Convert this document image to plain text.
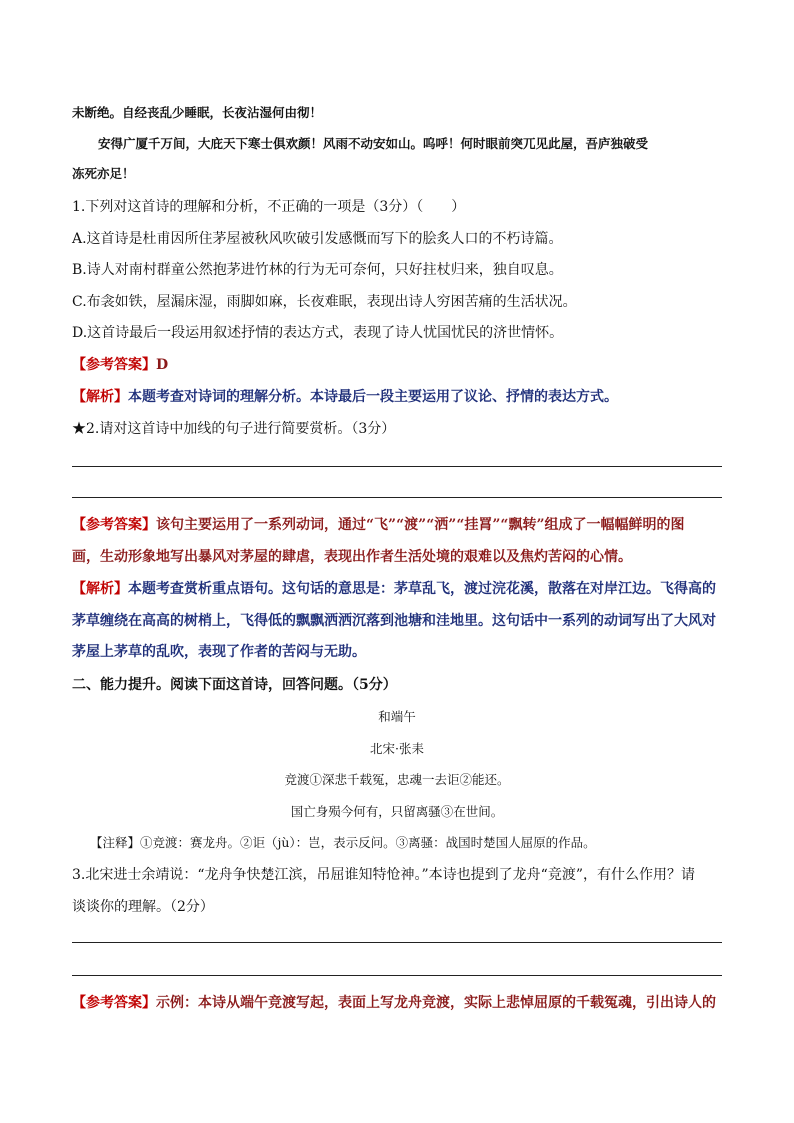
未断绝。自经丧乱少睡眠，长夜沾湿何由彻！
安得广厦千万间，大庇天下寒士俱欢颜！风雨不动安如山。呜呼！何时眼前突兀见此屋，吾庐独破受
冻死亦足！
1.下列对这首诗的理解和分析，不正确的一项是（3分）（　　）
A.这首诗是杜甫因所住茅屋被秋风吹破引发感慨而写下的脍炙人口的不朽诗篇。
B.诗人对南村群童公然抱茅进竹林的行为无可奈何，只好拄杖归来，独自叹息。
C.布衾如铁，屋漏床湿，雨脚如麻，长夜难眠，表现出诗人穷困苦痛的生活状况。
D.这首诗最后一段运用叙述抒情的表达方式，表现了诗人忧国忧民的济世情怀。
【参考答案】D
【解析】本题考查对诗词的理解分析。本诗最后一段主要运用了议论、抒情的表达方式。
★2.请对这首诗中加线的句子进行简要赏析。（3分）
【参考答案】该句主要运用了一系列动词，通过“飞”“渡”“洒”“挂罥”“飘转”组成了一幅幅鲜明的图
画，生动形象地写出暴风对茅屋的肆虐，表现出作者生活处境的艰难以及焦灼苦闷的心情。
【解析】本题考查赏析重点语句。这句话的意思是：茅草乱飞，渡过浣花溪，散落在对岸江边。飞得高的
茅草缠绕在高高的树梢上，飞得低的飘飘洒洒沉落到池塘和洼地里。这句话中一系列的动词写出了大风对
茅屋上茅草的乱吹，表现了作者的苦闷与无助。
二、能力提升。阅读下面这首诗，回答问题。（5分）
和端午
北宋·张耒
竞渡①深悲千载冤，忠魂一去讵②能还。
国亡身殒今何有，只留离骚③在世间。
【注释】①竞渡：赛龙舟。②讵（jù）：岂，表示反问。③离骚：战国时楚国人屈原的作品。
3.北宋进士余靖说：“龙舟争快楚江滨，吊屈谁知特怆神。”本诗也提到了龙舟“竞渡”，有什么作用？请
谈谈你的理解。（2分）
【参考答案】示例：本诗从端午竞渡写起，表面上写龙舟竞渡，实际上悲悼屈原的千载冤魂，引出诗人的
